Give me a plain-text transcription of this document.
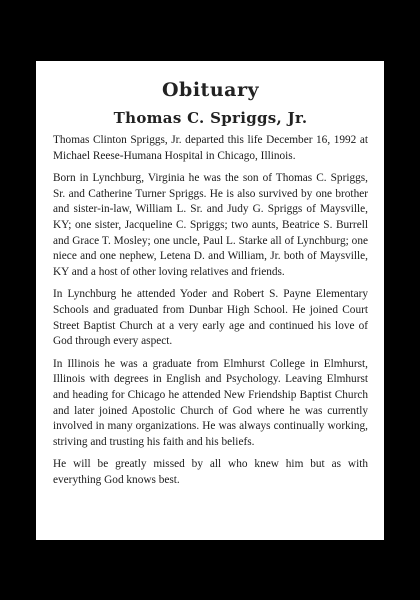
Obituary
Thomas C. Spriggs, Jr.

Thomas Clinton Spriggs, Jr. departed this life December 16, 1992 at Michael Reese-Humana Hospital in Chicago, Illinois.

Born in Lynchburg, Virginia he was the son of Thomas C. Spriggs, Sr. and Catherine Turner Spriggs. He is also survived by one brother and sister-in-law, William L. Sr. and Judy G. Spriggs of Maysville, KY; one sister, Jacqueline C. Spriggs; two aunts, Beatrice S. Burrell and Grace T. Mosley; one uncle, Paul L. Starke all of Lynchburg; one niece and one nephew, Letena D. and William, Jr. both of Maysville, KY and a host of other loving relatives and friends.

In Lynchburg he attended Yoder and Robert S. Payne Elementary Schools and graduated from Dunbar High School. He joined Court Street Baptist Church at a very early age and continued his love of God through every aspect.

In Illinois he was a graduate from Elmhurst College in Elmhurst, Illinois with degrees in English and Psychology. Leaving Elmhurst and heading for Chicago he attended New Friendship Baptist Church and later joined Apostolic Church of God where he was currently involved in many organizations. He was always continually working, striving and trusting his faith and his beliefs.

He will be greatly missed by all who knew him but as with everything God knows best.
